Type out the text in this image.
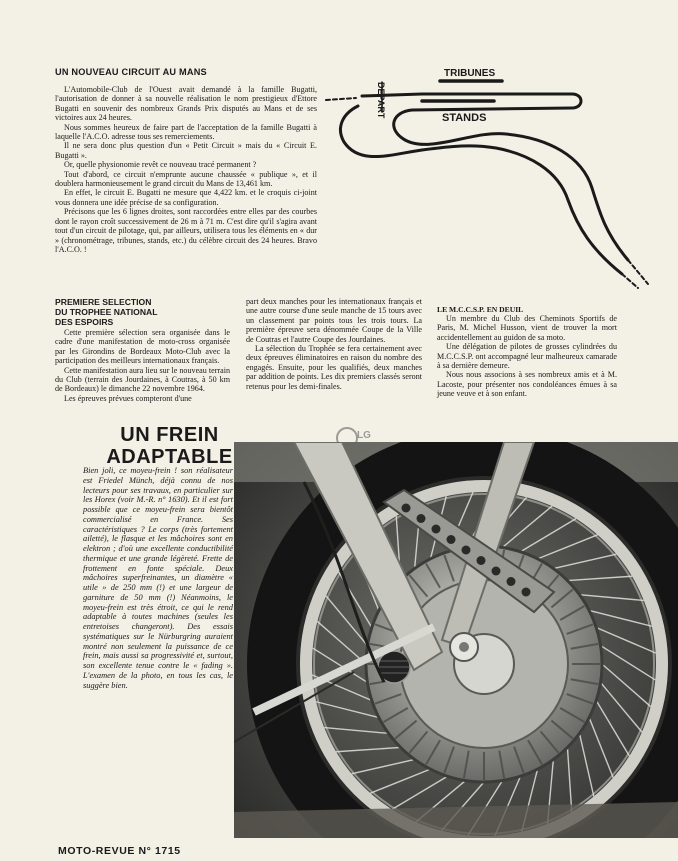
UN NOUVEAU CIRCUIT AU MANS

L'Automobile-Club de l'Ouest avait demandé à la famille Bugatti, l'autorisation de donner à sa nouvelle réalisation le nom prestigieux d'Ettore Bugatti en souvenir des nombreux Grands Prix disputés au Mans et de ses victoires aux 24 heures.

Nous sommes heureux de faire part de l'acceptation de la famille Bugatti à laquelle l'A.C.O. adresse tous ses remerciements.

Il ne sera donc plus question d'un « Petit Circuit » mais du « Circuit E. Bugatti ».

Or, quelle physionomie revêt ce nouveau tracé permanent ?

Tout d'abord, ce circuit n'emprunte aucune chaussée « publique », et il doublera harmonieusement le grand circuit du Mans de 13,461 km.

En effet, le circuit E. Bugatti ne mesure que 4,422 km. et le croquis ci-joint vous donnera une idée précise de sa configuration.

Précisons que les 6 lignes droites, sont raccordées entre elles par des courbes dont le rayon croît successivement de 26 m à 71 m. C'est dire qu'il s'agira avant tout d'un circuit de pilotage, qui, par ailleurs, utilisera tous les éléments en « dur » (chronométrage, tribunes, stands, etc.) du célèbre circuit des 24 heures. Bravo l'A.C.O. !

DEPART
TRIBUNES
STANDS
PREMIERE SELECTION
DU TROPHEE NATIONAL
DES ESPOIRS

Cette première sélection sera organisée dans le cadre d'une manifestation de moto-cross organisée par les Girondins de Bordeaux Moto-Club avec la participation des meilleurs internationaux français.

Cette manifestation aura lieu sur le nouveau terrain du Club (terrain des Jourdaines, à Coutras, à 50 km de Bordeaux) le dimanche 22 novembre 1964.

Les épreuves prévues compteront d'une

part deux manches pour les internationaux français et une autre course d'une seule manche de 15 tours avec un classement par points tous les trois tours. La première épreuve sera dénommée Coupe de la Ville de Coutras et l'autre Coupe des Jourdaines.

La sélection du Trophée se fera certainement avec deux épreuves éliminatoires en raison du nombre des engagés. Ensuite, pour les qualifiés, deux manches par addition de points. Les dix premiers classés seront retenus pour les demi-finales.

LE M.C.C.S.P. EN DEUIL

Un membre du Club des Cheminots Sportifs de Paris, M. Michel Husson, vient de trouver la mort accidentellement au guidon de sa moto.

Une délégation de pilotes de grosses cylindrées du M.C.C.S.P. ont accompagné leur malheureux camarade à sa dernière demeure.

Nous nous associons à ses nombreux amis et à M. Lacoste, pour présenter nos condoléances émues à sa jeune veuve et à son enfant.

UN FREIN
ADAPTABLE

Bien joli, ce moyeu-frein ! son réalisateur est Friedel Münch, déjà connu de nos lecteurs pour ses travaux, en particulier sur les Horex (voir M.-R. n° 1630). Et il est fort possible que ce moyeu-frein sera bientôt commercialisé en France. Ses caractéristiques ? Le corps (très fortement ailetté), le flasque et les mâchoires sont en elektron ; d'où une excellente conductibilité thermique et une grande légèreté. Frette de frottement en fonte spéciale. Deux mâchoires superfreinantes, un diamètre « utile » de 250 mm (!) et une largeur de garniture de 50 mm (!) Néanmoins, le moyeu-frein est très étroit, ce qui le rend adaptable à toutes machines (seules les entretoises changeront). Des essais systématiques sur le Nürburgring auraient montré non seulement la puissance de ce frein, mais aussi sa progressivité et, surtout, son excellente tenue contre le « fading ». L'examen de la photo, en tous les cas, le suggère bien.

LG
MOTO-REVUE N° 1715
